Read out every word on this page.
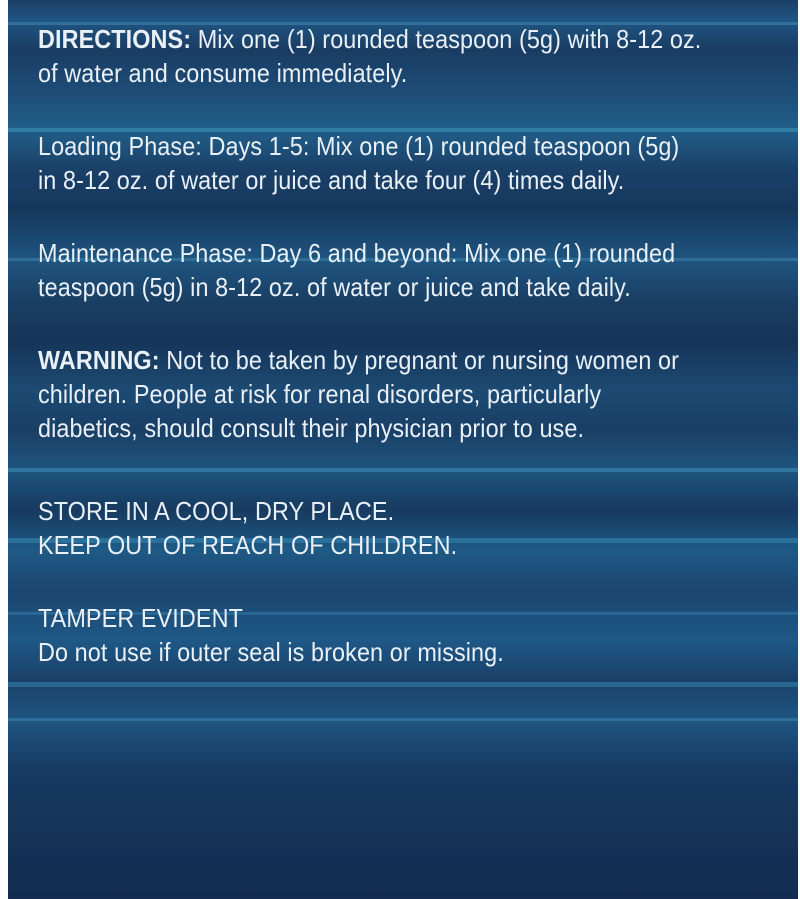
DIRECTIONS: Mix one (1) rounded teaspoon (5g) with 8-12 oz. of water and consume immediately.
Loading Phase: Days 1-5: Mix one (1) rounded teaspoon (5g) in 8-12 oz. of water or juice and take four (4) times daily.
Maintenance Phase: Day 6 and beyond: Mix one (1) rounded teaspoon (5g) in 8-12 oz. of water or juice and take daily.
WARNING: Not to be taken by pregnant or nursing women or children. People at risk for renal disorders, particularly diabetics, should consult their physician prior to use.
STORE IN A COOL, DRY PLACE.
KEEP OUT OF REACH OF CHILDREN.
TAMPER EVIDENT
Do not use if outer seal is broken or missing.
